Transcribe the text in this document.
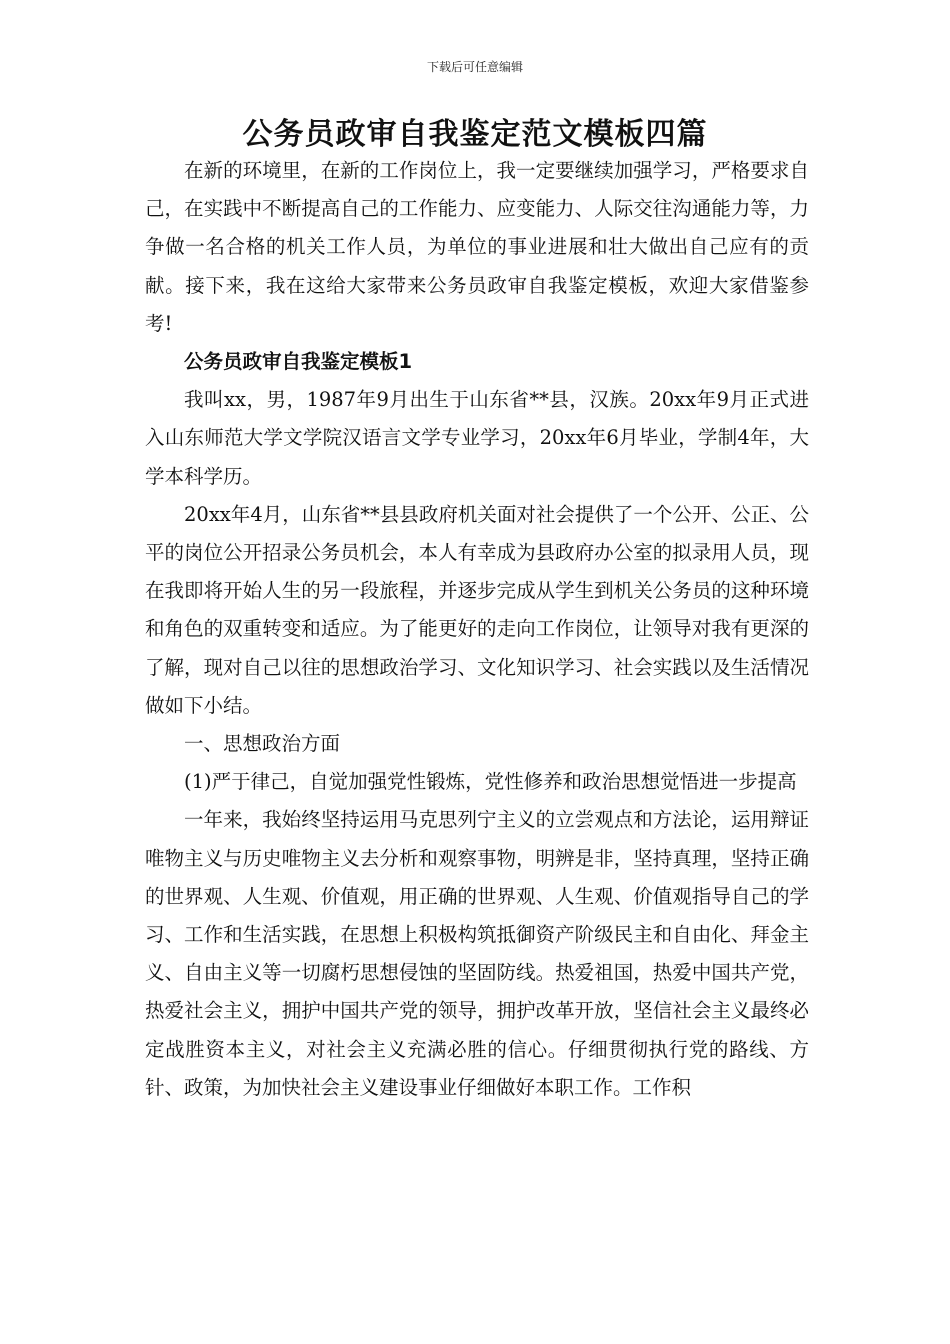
下载后可任意编辑
公务员政审自我鉴定范文模板四篇

在新的环境里，在新的工作岗位上，我一定要继续加强学习，严格要求自己，在实践中不断提高自己的工作能力、应变能力、人际交往沟通能力等，力争做一名合格的机关工作人员，为单位的事业进展和壮大做出自己应有的贡献。接下来，我在这给大家带来公务员政审自我鉴定模板，欢迎大家借鉴参考!

公务员政审自我鉴定模板1

我叫xx，男，1987年9月出生于山东省**县，汉族。20xx年9月正式进入山东师范大学文学院汉语言文学专业学习，20xx年6月毕业，学制4年，大学本科学历。

20xx年4月，山东省**县县政府机关面对社会提供了一个公开、公正、公平的岗位公开招录公务员机会，本人有幸成为县政府办公室的拟录用人员，现在我即将开始人生的另一段旅程，并逐步完成从学生到机关公务员的这种环境和角色的双重转变和适应。为了能更好的走向工作岗位，让领导对我有更深的了解，现对自己以往的思想政治学习、文化知识学习、社会实践以及生活情况做如下小结。

一、思想政治方面

(1)严于律己，自觉加强党性锻炼，党性修养和政治思想觉悟进一步提高

一年来，我始终坚持运用马克思列宁主义的立尝观点和方法论，运用辩证唯物主义与历史唯物主义去分析和观察事物，明辨是非，坚持真理，坚持正确的世界观、人生观、价值观，用正确的世界观、人生观、价值观指导自己的学习、工作和生活实践，在思想上积极构筑抵御资产阶级民主和自由化、拜金主义、自由主义等一切腐朽思想侵蚀的坚固防线。热爱祖国，热爱中国共产党，热爱社会主义，拥护中国共产党的领导，拥护改革开放，坚信社会主义最终必定战胜资本主义，对社会主义充满必胜的信心。仔细贯彻执行党的路线、方针、政策，为加快社会主义建设事业仔细做好本职工作。工作积
